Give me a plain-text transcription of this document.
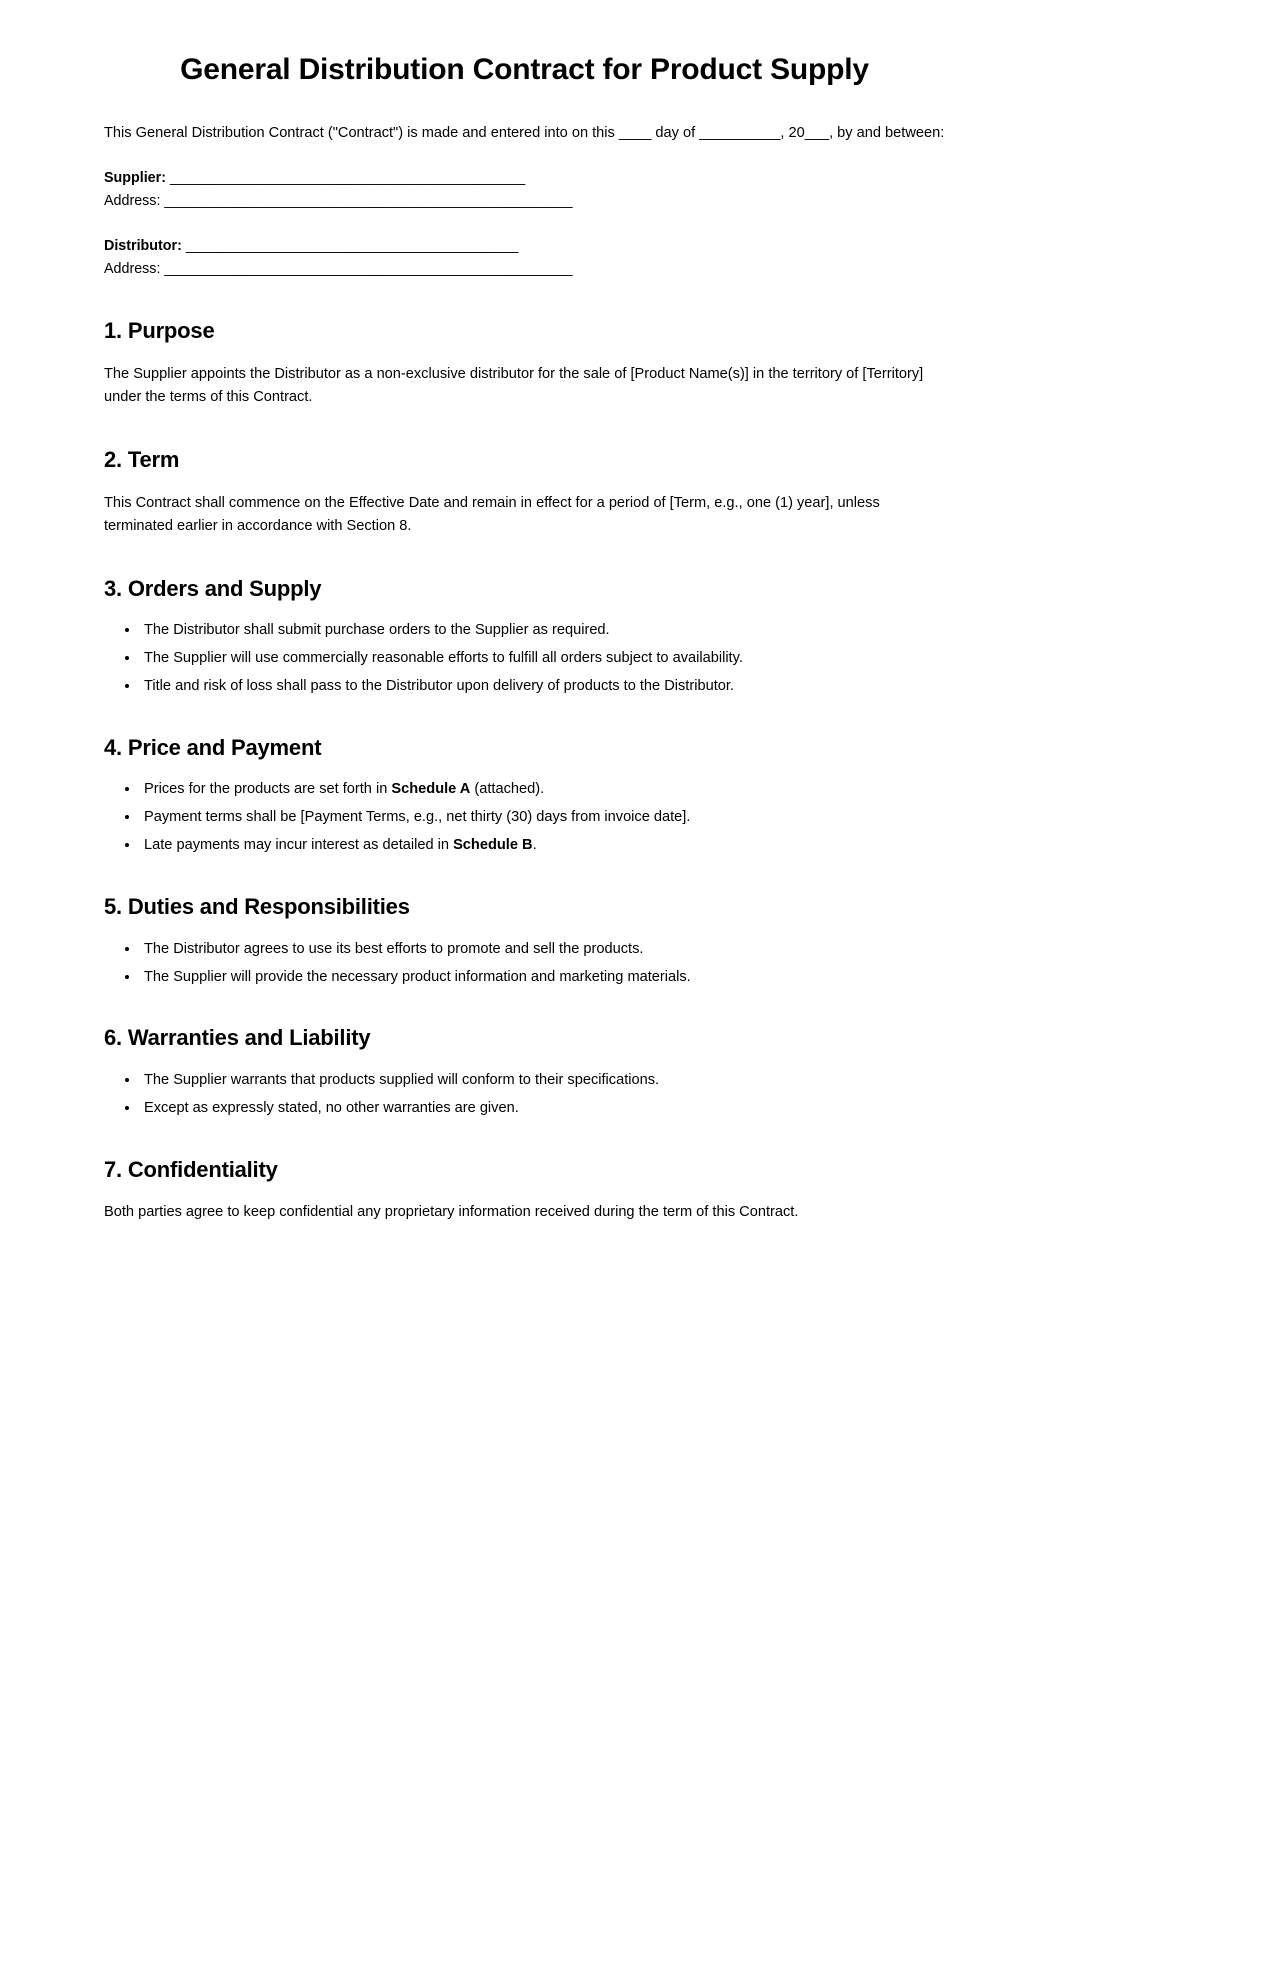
General Distribution Contract for Product Supply

This General Distribution Contract ("Contract") is made and entered into on this ____ day of __________, 20___, by and between:

Supplier: _______________________________________________
Address: ______________________________________________________
Distributor: ____________________________________________
Address: ______________________________________________________
1. Purpose

The Supplier appoints the Distributor as a non-exclusive distributor for the sale of [Product Name(s)] in the territory of [Territory] under the terms of this Contract.

2. Term

This Contract shall commence on the Effective Date and remain in effect for a period of [Term, e.g., one (1) year], unless terminated earlier in accordance with Section 8.

3. Orders and Supply
• The Distributor shall submit purchase orders to the Supplier as required.
• The Supplier will use commercially reasonable efforts to fulfill all orders subject to availability.
• Title and risk of loss shall pass to the Distributor upon delivery of products to the Distributor.
4. Price and Payment
• Prices for the products are set forth in Schedule A (attached).
• Payment terms shall be [Payment Terms, e.g., net thirty (30) days from invoice date].
• Late payments may incur interest as detailed in Schedule B.
5. Duties and Responsibilities
• The Distributor agrees to use its best efforts to promote and sell the products.
• The Supplier will provide the necessary product information and marketing materials.
6. Warranties and Liability
• The Supplier warrants that products supplied will conform to their specifications.
• Except as expressly stated, no other warranties are given.
7. Confidentiality

Both parties agree to keep confidential any proprietary information received during the term of this Contract.
